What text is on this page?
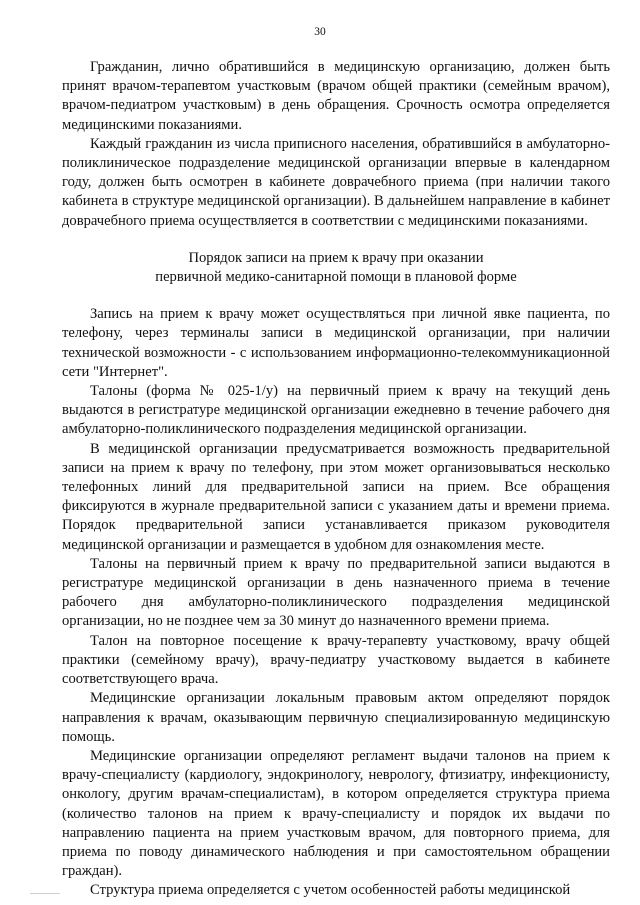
30

Гражданин, лично обратившийся в медицинскую организацию, должен быть принят врачом-терапевтом участковым (врачом общей практики (семейным врачом), врачом-педиатром участковым) в день обращения. Срочность осмотра определяется медицинскими показаниями.

Каждый гражданин из числа приписного населения, обратившийся в амбулаторно-поликлиническое подразделение медицинской организации впервые в календарном году, должен быть осмотрен в кабинете доврачебного приема (при наличии такого кабинета в структуре медицинской организации). В дальнейшем направление в кабинет доврачебного приема осуществляется в соответствии с медицинскими показаниями.

Порядок записи на прием к врачу при оказании
первичной медико-санитарной помощи в плановой форме

Запись на прием к врачу может осуществляться при личной явке пациента, по телефону, через терминалы записи в медицинской организации, при наличии технической возможности - с использованием информационно-телекоммуникационной сети "Интернет".

Талоны (форма № 025-1/у) на первичный прием к врачу на текущий день выдаются в регистратуре медицинской организации ежедневно в течение рабочего дня амбулаторно-поликлинического подразделения медицинской организации.

В медицинской организации предусматривается возможность предварительной записи на прием к врачу по телефону, при этом может организовываться несколько телефонных линий для предварительной записи на прием. Все обращения фиксируются в журнале предварительной записи с указанием даты и времени приема. Порядок предварительной записи устанавливается приказом руководителя медицинской организации и размещается в удобном для ознакомления месте.

Талоны на первичный прием к врачу по предварительной записи выдаются в регистратуре медицинской организации в день назначенного приема в течение рабочего дня амбулаторно-поликлинического подразделения медицинской организации, но не позднее чем за 30 минут до назначенного времени приема.

Талон на повторное посещение к врачу-терапевту участковому, врачу общей практики (семейному врачу), врачу-педиатру участковому выдается в кабинете соответствующего врача.

Медицинские организации локальным правовым актом определяют порядок направления к врачам, оказывающим первичную специализированную медицинскую помощь.

Медицинские организации определяют регламент выдачи талонов на прием к врачу-специалисту (кардиологу, эндокринологу, неврологу, фтизиатру, инфекционисту, онкологу, другим врачам-специалистам), в котором определяется структура приема (количество талонов на прием к врачу-специалисту и порядок их выдачи по направлению пациента на прием участковым врачом, для повторного приема, для приема по поводу динамического наблюдения и при самостоятельном обращении граждан).

Структура приема определяется с учетом особенностей работы медицинской
